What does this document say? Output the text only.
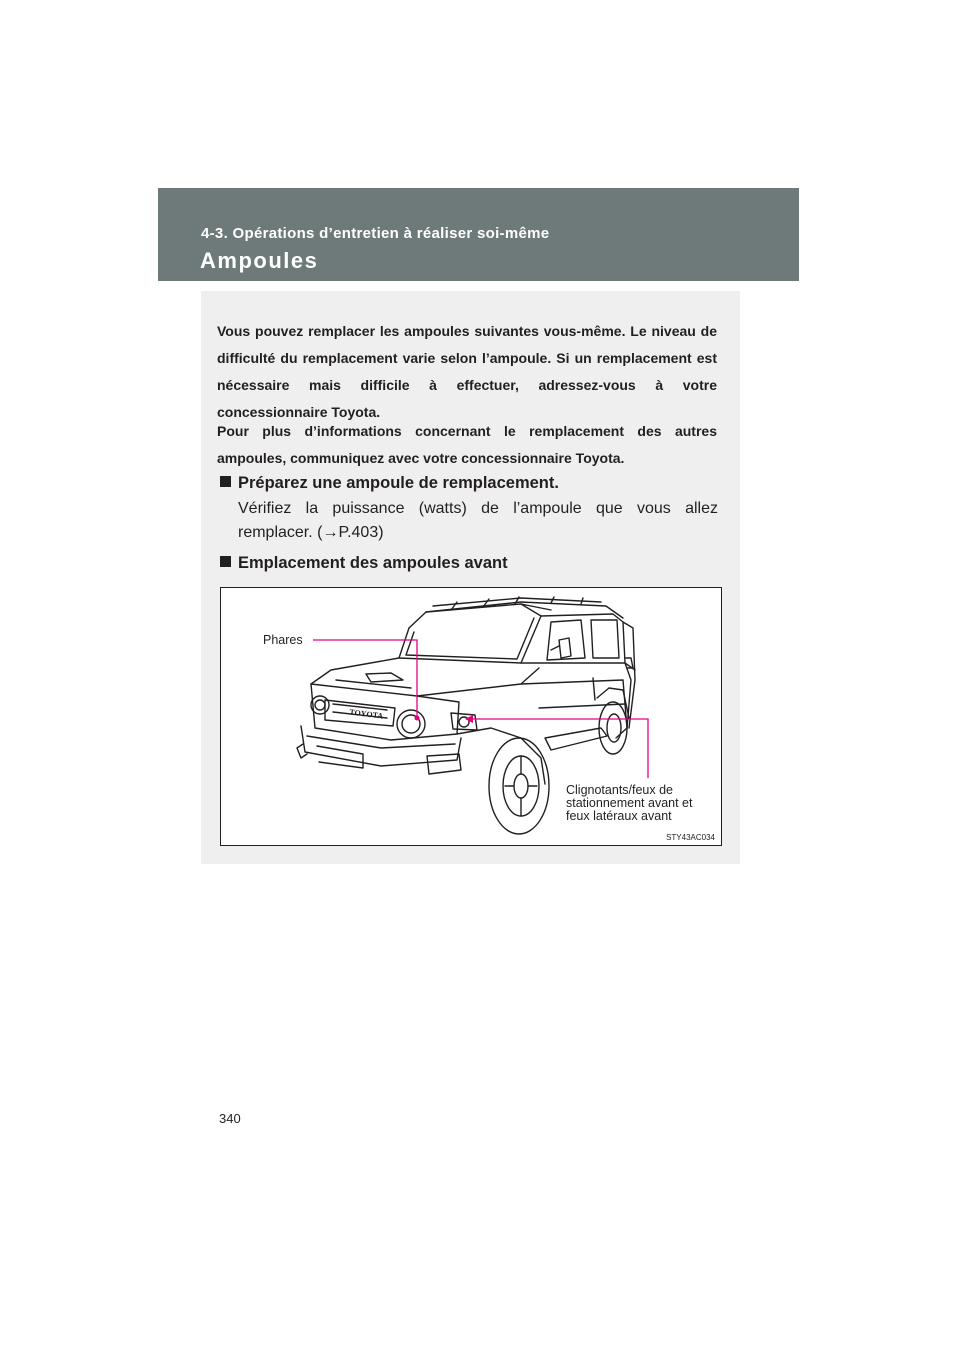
4-3. Opérations d’entretien à réaliser soi-même
Ampoules

Vous pouvez remplacer les ampoules suivantes vous-même. Le niveau de difficulté du remplacement varie selon l’ampoule. Si un remplacement est nécessaire mais difficile à effectuer, adressez-vous à votre concessionnaire Toyota.

Pour plus d’informations concernant le remplacement des autres ampoules, communiquez avec votre concessionnaire Toyota.

Préparez une ampoule de remplacement.

Vérifiez la puissance (watts) de l’ampoule que vous allez remplacer. (→P.403)

Emplacement des ampoules avant

TOYOTA
Phares
Clignotants/feux de stationnement avant et feux latéraux avant
STY43AC034
340
